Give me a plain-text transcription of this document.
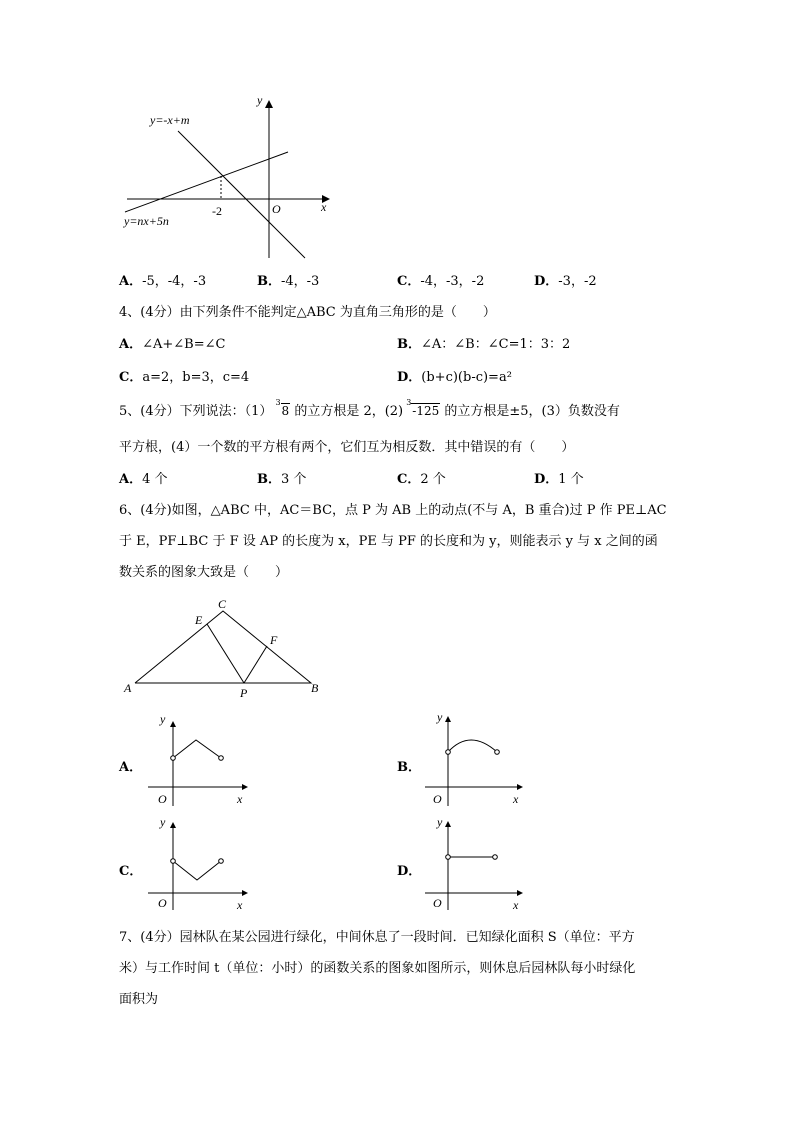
y
x
O
-2
y=-x+m
y=nx+5n
A．-5，-4，-3	B．-4，-3	C．-4，-3，-2	D．-3，-2
4、(4分）由下列条件不能判定△ABC 为直角三角形的是（　　）
A．∠A+∠B=∠C	B．∠A：∠B：∠C=1：3：2
C．a=2，b=3，c=4	D．(b+c)(b-c)=a²
5、(4分）下列说法：（1）
3
8 的立方根是 2，(2)
3
-125 的立方根是±5，(3）负数没有
平方根，(4）一个数的平方根有两个，它们互为相反数．其中错误的有（　　）
A．4 个	B．3 个	C．2 个	D．1 个
6、(4分)如图，△ABC 中，AC＝BC，点 P 为 AB 上的动点(不与 A，B 重合)过 P 作 PE⊥AC
于 E，PF⊥BC 于 F 设 AP 的长度为 x，PE 与 PF 的长度和为 y，则能表示 y 与 x 之间的函
数关系的图象大致是（　　）
A	B
C
E
F
P
A．	B．
C．	D．
y
x
O
y
x
O
y
x
O
y
x
O
7、(4分）园林队在某公园进行绿化，中间休息了一段时间．已知绿化面积 S（单位：平方
米）与工作时间 t（单位：小时）的函数关系的图象如图所示，则休息后园林队每小时绿化
面积为
